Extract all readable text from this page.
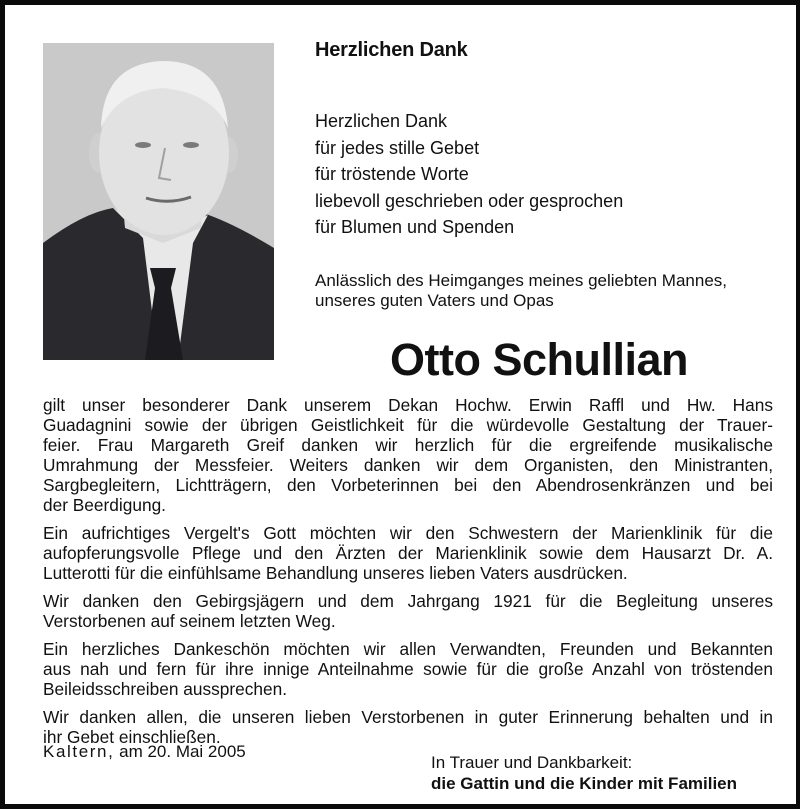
Herzlichen Dank
Herzlichen Dank
für jedes stille Gebet
für tröstende Worte
liebevoll geschrieben oder gesprochen
für Blumen und Spenden

Anlässlich des Heimganges meines geliebten Mannes,
unseres guten Vaters und Opas

Otto Schullian

gilt unser besonderer Dank unserem Dekan Hochw. Erwin Raffl und Hw. Hans
Guadagnini sowie der übrigen Geistlichkeit für die würdevolle Gestaltung der Trauer-
feier. Frau Margareth Greif danken wir herzlich für die ergreifende musikalische
Umrahmung der Messfeier. Weiters danken wir dem Organisten, den Ministranten,
Sargbegleitern, Lichtträgern, den Vorbeterinnen bei den Abendrosenkränzen und bei
der Beerdigung.

Ein aufrichtiges Vergelt's Gott möchten wir den Schwestern der Marienklinik für die
aufopferungsvolle Pflege und den Ärzten der Marienklinik sowie dem Hausarzt Dr. A.
Lutterotti für die einfühlsame Behandlung unseres lieben Vaters ausdrücken.

Wir danken den Gebirgsjägern und dem Jahrgang 1921 für die Begleitung unseres
Verstorbenen auf seinem letzten Weg.

Ein herzliches Dankeschön möchten wir allen Verwandten, Freunden und Bekannten
aus nah und fern für ihre innige Anteilnahme sowie für die große Anzahl von tröstenden
Beileidsschreiben aussprechen.

Wir danken allen, die unseren lieben Verstorbenen in guter Erinnerung behalten und in
ihr Gebet einschließen.

Kaltern, am 20. Mai 2005
In Trauer und Dankbarkeit:
die Gattin und die Kinder mit Familien
